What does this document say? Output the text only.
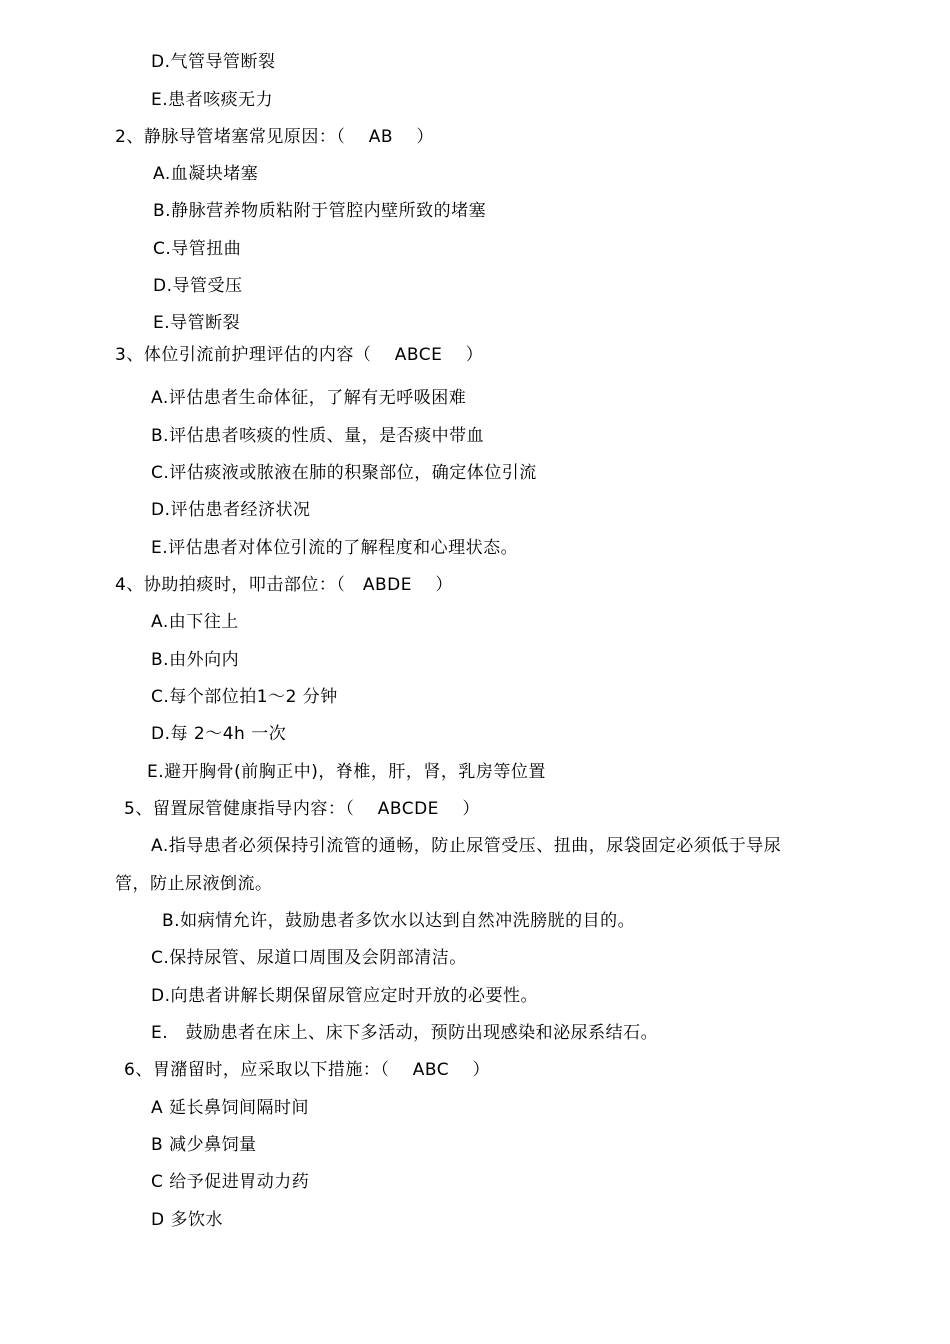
D.气管导管断裂
E.患者咳痰无力
2、静脉导管堵塞常见原因：（　 AB　 ）
A.血凝块堵塞
B.静脉营养物质粘附于管腔内壁所致的堵塞
C.导管扭曲
D.导管受压
E.导管断裂
3、体位引流前护理评估的内容（　 ABCE　 ）
A.评估患者生命体征，了解有无呼吸困难
B.评估患者咳痰的性质、量，是否痰中带血
C.评估痰液或脓液在肺的积聚部位，确定体位引流
D.评估患者经济状况
E.评估患者对体位引流的了解程度和心理状态。
4、协助拍痰时，叩击部位：（　ABDE　 ）
A.由下往上
B.由外向内
C.每个部位拍1～2 分钟
D.每 2～4h 一次
E.避开胸骨(前胸正中)，脊椎，肝，肾，乳房等位置
5、留置尿管健康指导内容：（　 ABCDE　 ）
A.指导患者必须保持引流管的通畅，防止尿管受压、扭曲，尿袋固定必须低于导尿
管，防止尿液倒流。
B.如病情允许，鼓励患者多饮水以达到自然冲洗膀胱的目的。
C.保持尿管、尿道口周围及会阴部清洁。
D.向患者讲解长期保留尿管应定时开放的必要性。
E.　鼓励患者在床上、床下多活动，预防出现感染和泌尿系结石。
6、胃潴留时，应采取以下措施：（　 ABC　 ）
A 延长鼻饲间隔时间
B 减少鼻饲量
C 给予促进胃动力药
D 多饮水
